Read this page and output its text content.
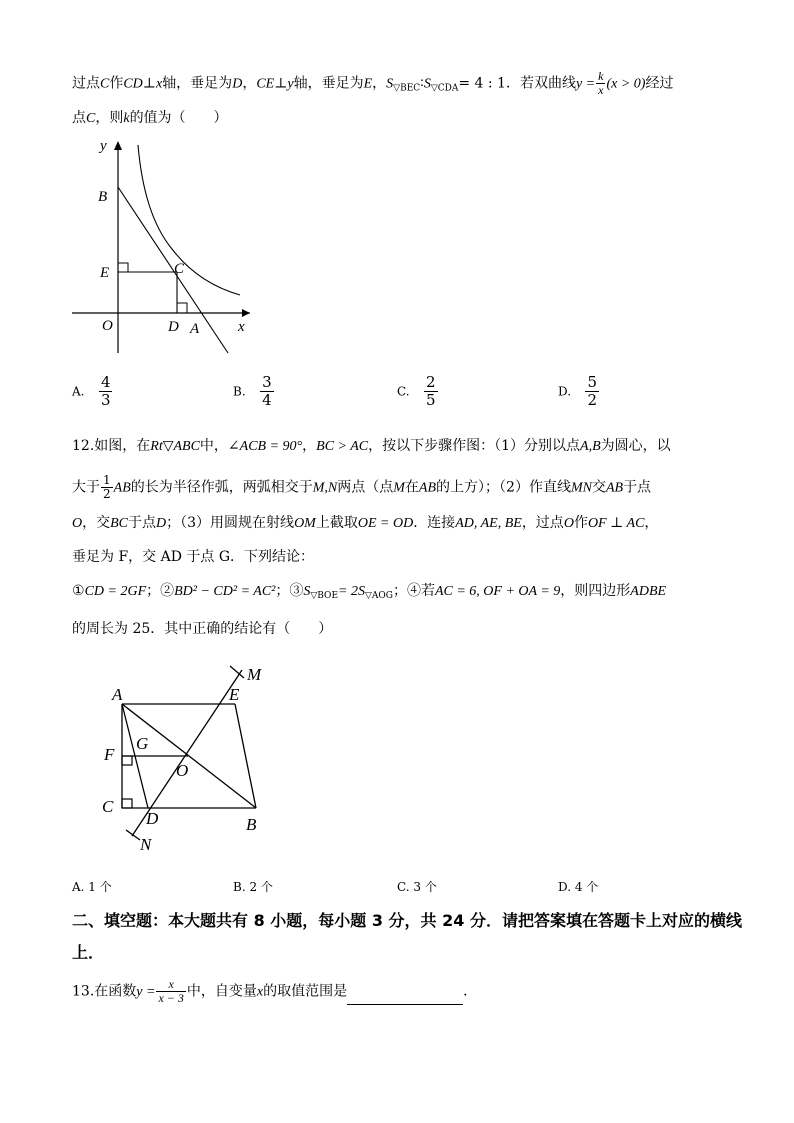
过点C作CD⊥x轴，垂足为D，CE⊥y轴，垂足为E，$S_{▽BEC}∶S_{▽CDA}= 4$ : 1．若双曲线$y = \frac{k}{x} (x > 0)$经过
点C，则k的值为（　　）
y
B
E	C
O	D A	x
A. $\frac{4}{3}$	B. $\frac{3}{4}$	C. $\frac{2}{5}$	D. $\frac{5}{2}$
12.如图，在Rt▽ABC中，∠ACB = 90°，BC > AC，按以下步骤作图：（1）分别以点A,B为圆心，以
大于 $\frac{1}{2}$ AB的长为半径作弧，两弧相交于M,N两点（点M在AB的上方）；（2）作直线MN交AB于点
O，交BC于点D；（3）用圆规在射线OM上截取OE = OD．连接AD, AE, BE，过点O作OF ⊥ AC，
垂足为 F，交 AD 于点 G．下列结论：
①CD = 2GF；②BD² − CD² = AC²；$③S_{▽BOE}= 2S_{▽AOG}$；④若AC = 6, OF + OA = 9，则四边形ADBE
的周长为 25．其中正确的结论有（　　）
A	E
M
G
F
O
C
D	B
N
A. 1 个	B. 2 个	C. 3 个	D. 4 个
二、填空题：本大题共有 8 小题，每小题 3 分，共 24 分．请把答案填在答题卡上对应的横线
上．
13.在函数$y = \frac{x}{x - 3}$ 中，自变量x的取值范围是	．
